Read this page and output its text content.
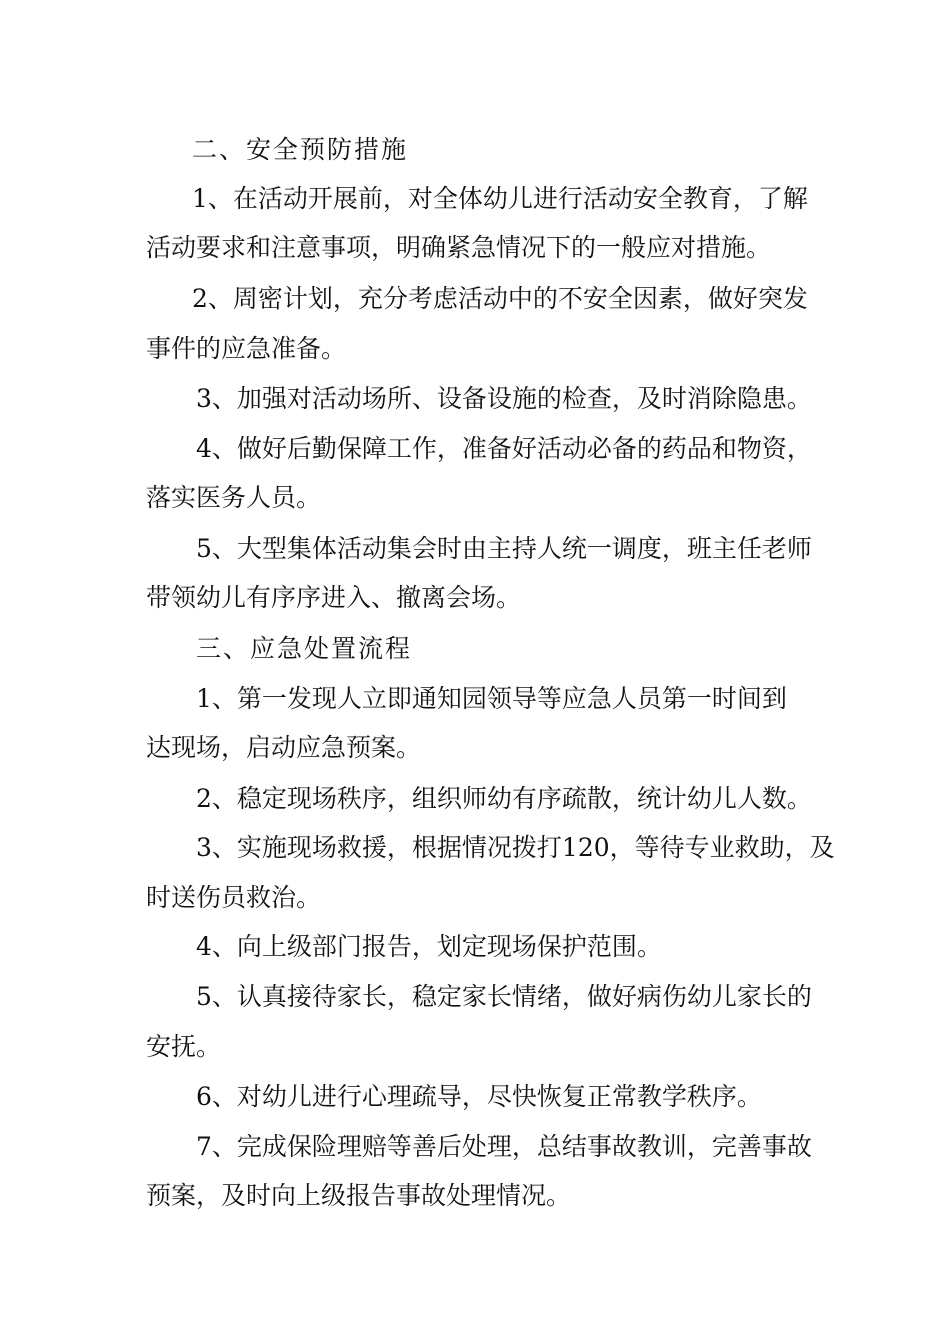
二、安全预防措施

1、在活动开展前，对全体幼儿进行活动安全教育，了解

活动要求和注意事项，明确紧急情况下的一般应对措施。

2、周密计划，充分考虑活动中的不安全因素，做好突发

事件的应急准备。

3、加强对活动场所、设备设施的检查，及时消除隐患。

4、做好后勤保障工作，准备好活动必备的药品和物资，

落实医务人员。

5、大型集体活动集会时由主持人统一调度，班主任老师

带领幼儿有序序进入、撤离会场。

三、应急处置流程

1、第一发现人立即通知园领导等应急人员第一时间到

达现场，启动应急预案。

2、稳定现场秩序，组织师幼有序疏散，统计幼儿人数。

3、实施现场救援，根据情况拨打120，等待专业救助，及

时送伤员救治。

4、向上级部门报告，划定现场保护范围。

5、认真接待家长，稳定家长情绪，做好病伤幼儿家长的

安抚。

6、对幼儿进行心理疏导，尽快恢复正常教学秩序。

7、完成保险理赔等善后处理，总结事故教训，完善事故

预案，及时向上级报告事故处理情况。
